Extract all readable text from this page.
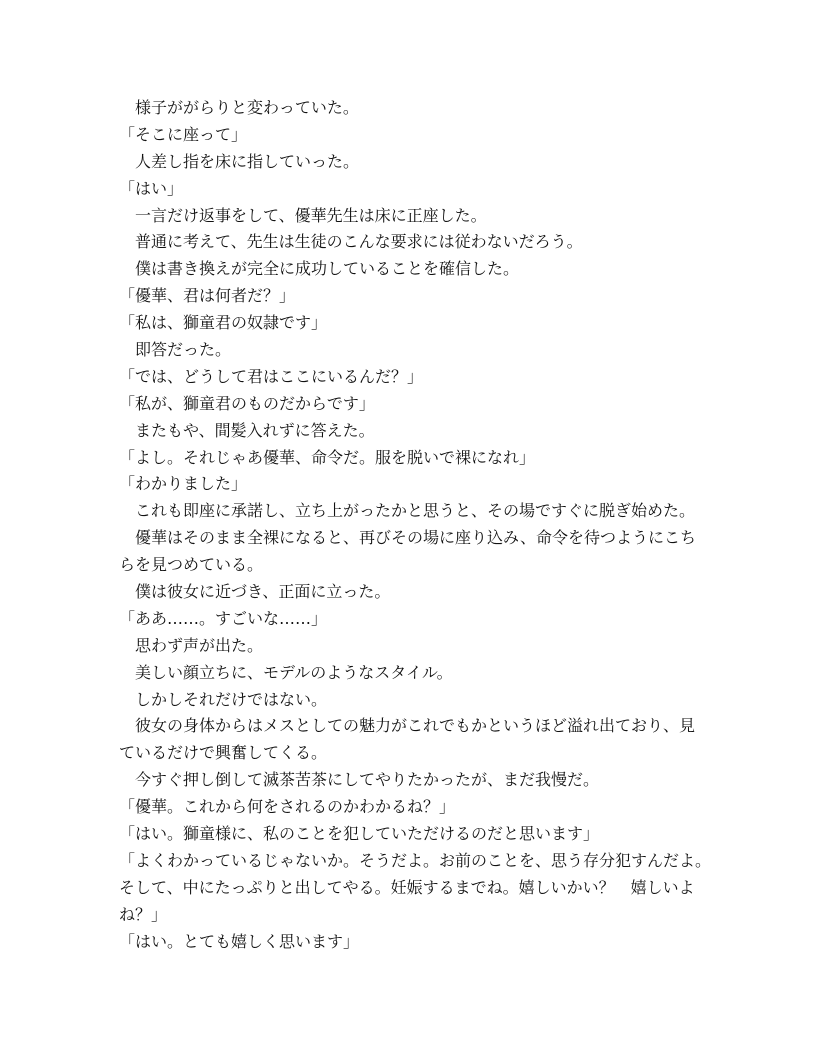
　様子ががらりと変わっていた。
「そこに座って」
　人差し指を床に指していった。
「はい」
　一言だけ返事をして、優華先生は床に正座した。
　普通に考えて、先生は生徒のこんな要求には従わないだろう。
　僕は書き換えが完全に成功していることを確信した。
「優華、君は何者だ？」
「私は、獅童君の奴隷です」
　即答だった。
「では、どうして君はここにいるんだ？」
「私が、獅童君のものだからです」
　またもや、間髪入れずに答えた。
「よし。それじゃあ優華、命令だ。服を脱いで裸になれ」
「わかりました」
　これも即座に承諾し、立ち上がったかと思うと、その場ですぐに脱ぎ始めた。
　優華はそのまま全裸になると、再びその場に座り込み、命令を待つようにこち
らを見つめている。
　僕は彼女に近づき、正面に立った。
「ああ……。すごいな……」
　思わず声が出た。
　美しい顔立ちに、モデルのようなスタイル。
　しかしそれだけではない。
　彼女の身体からはメスとしての魅力がこれでもかというほど溢れ出ており、見
ているだけで興奮してくる。
　今すぐ押し倒して滅茶苦茶にしてやりたかったが、まだ我慢だ。
「優華。これから何をされるのかわかるね？」
「はい。獅童様に、私のことを犯していただけるのだと思います」
「よくわかっているじゃないか。そうだよ。お前のことを、思う存分犯すんだよ。
そして、中にたっぷりと出してやる。妊娠するまでね。嬉しいかい？　嬉しいよ
ね？」
「はい。とても嬉しく思います」
